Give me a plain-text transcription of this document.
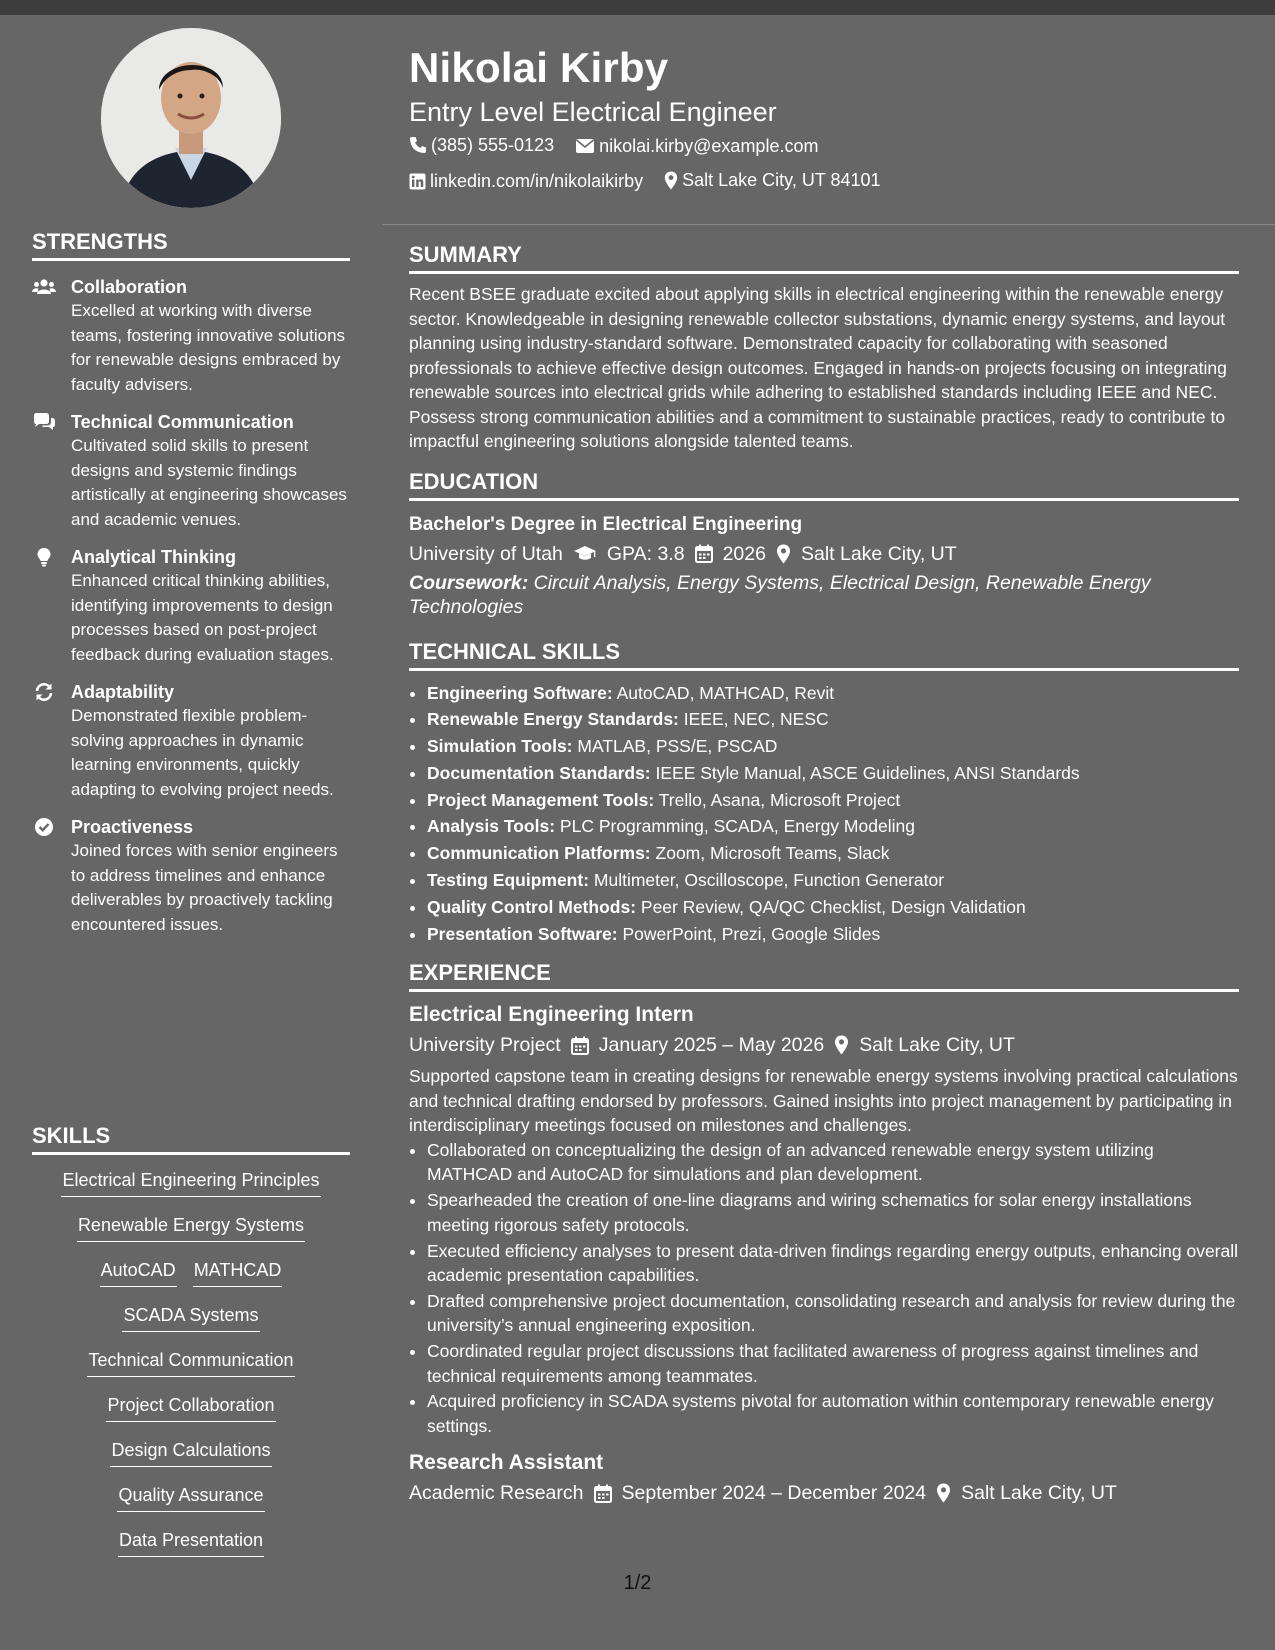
STRENGTHS
Collaboration
Excelled at working with diverse teams, fostering innovative solutions for renewable designs embraced by faculty advisers.
Technical Communication
Cultivated solid skills to present designs and systemic findings artistically at engineering showcases and academic venues.
Analytical Thinking
Enhanced critical thinking abilities, identifying improvements to design processes based on post-project feedback during evaluation stages.
Adaptability
Demonstrated flexible problem-solving approaches in dynamic learning environments, quickly adapting to evolving project needs.
Proactiveness
Joined forces with senior engineers to address timelines and enhance deliverables by proactively tackling encountered issues.
SKILLS
Electrical Engineering Principles
Renewable Energy Systems
AutoCAD MATHCAD
SCADA Systems
Technical Communication
Project Collaboration
Design Calculations
Quality Assurance
Data Presentation
Nikolai Kirby
Entry Level Electrical Engineer
(385) 555-0123
	nikolai.kirby@example.com
linkedin.com/in/nikolaikirby
Salt Lake City, UT 84101
SUMMARY
Recent BSEE graduate excited about applying skills in electrical engineering within the renewable energy sector. Knowledgeable in designing renewable collector substations, dynamic energy systems, and layout planning using industry-standard software. Demonstrated capacity for collaborating with seasoned professionals to achieve effective design outcomes. Engaged in hands-on projects focusing on integrating renewable sources into electrical grids while adhering to established standards including IEEE and NEC. Possess strong communication abilities and a commitment to sustainable practices, ready to contribute to impactful engineering solutions alongside talented teams.
EDUCATION
Bachelor's Degree in Electrical Engineering
University of Utah GPA: 3.8 2026 Salt Lake City, UT
Coursework: Circuit Analysis, Energy Systems, Electrical Design, Renewable Energy Technologies
TECHNICAL SKILLS
• Engineering Software: AutoCAD, MATHCAD, Revit
• Renewable Energy Standards: IEEE, NEC, NESC
• Simulation Tools: MATLAB, PSS/E, PSCAD
• Documentation Standards: IEEE Style Manual, ASCE Guidelines, ANSI Standards
• Project Management Tools: Trello, Asana, Microsoft Project
• Analysis Tools: PLC Programming, SCADA, Energy Modeling
• Communication Platforms: Zoom, Microsoft Teams, Slack
• Testing Equipment: Multimeter, Oscilloscope, Function Generator
• Quality Control Methods: Peer Review, QA/QC Checklist, Design Validation
• Presentation Software: PowerPoint, Prezi, Google Slides
EXPERIENCE
Electrical Engineering Intern
University Project January 2025 – May 2026 Salt Lake City, UT
Supported capstone team in creating designs for renewable energy systems involving practical calculations and technical drafting endorsed by professors. Gained insights into project management by participating in interdisciplinary meetings focused on milestones and challenges.
• Collaborated on conceptualizing the design of an advanced renewable energy system utilizing MATHCAD and AutoCAD for simulations and plan development.
• Spearheaded the creation of one-line diagrams and wiring schematics for solar energy installations meeting rigorous safety protocols.
• Executed efficiency analyses to present data-driven findings regarding energy outputs, enhancing overall academic presentation capabilities.
• Drafted comprehensive project documentation, consolidating research and analysis for review during the university’s annual engineering exposition.
• Coordinated regular project discussions that facilitated awareness of progress against timelines and technical requirements among teammates.
• Acquired proficiency in SCADA systems pivotal for automation within contemporary renewable energy settings.
Research Assistant
Academic Research September 2024 – December 2024 Salt Lake City, UT
1/2
